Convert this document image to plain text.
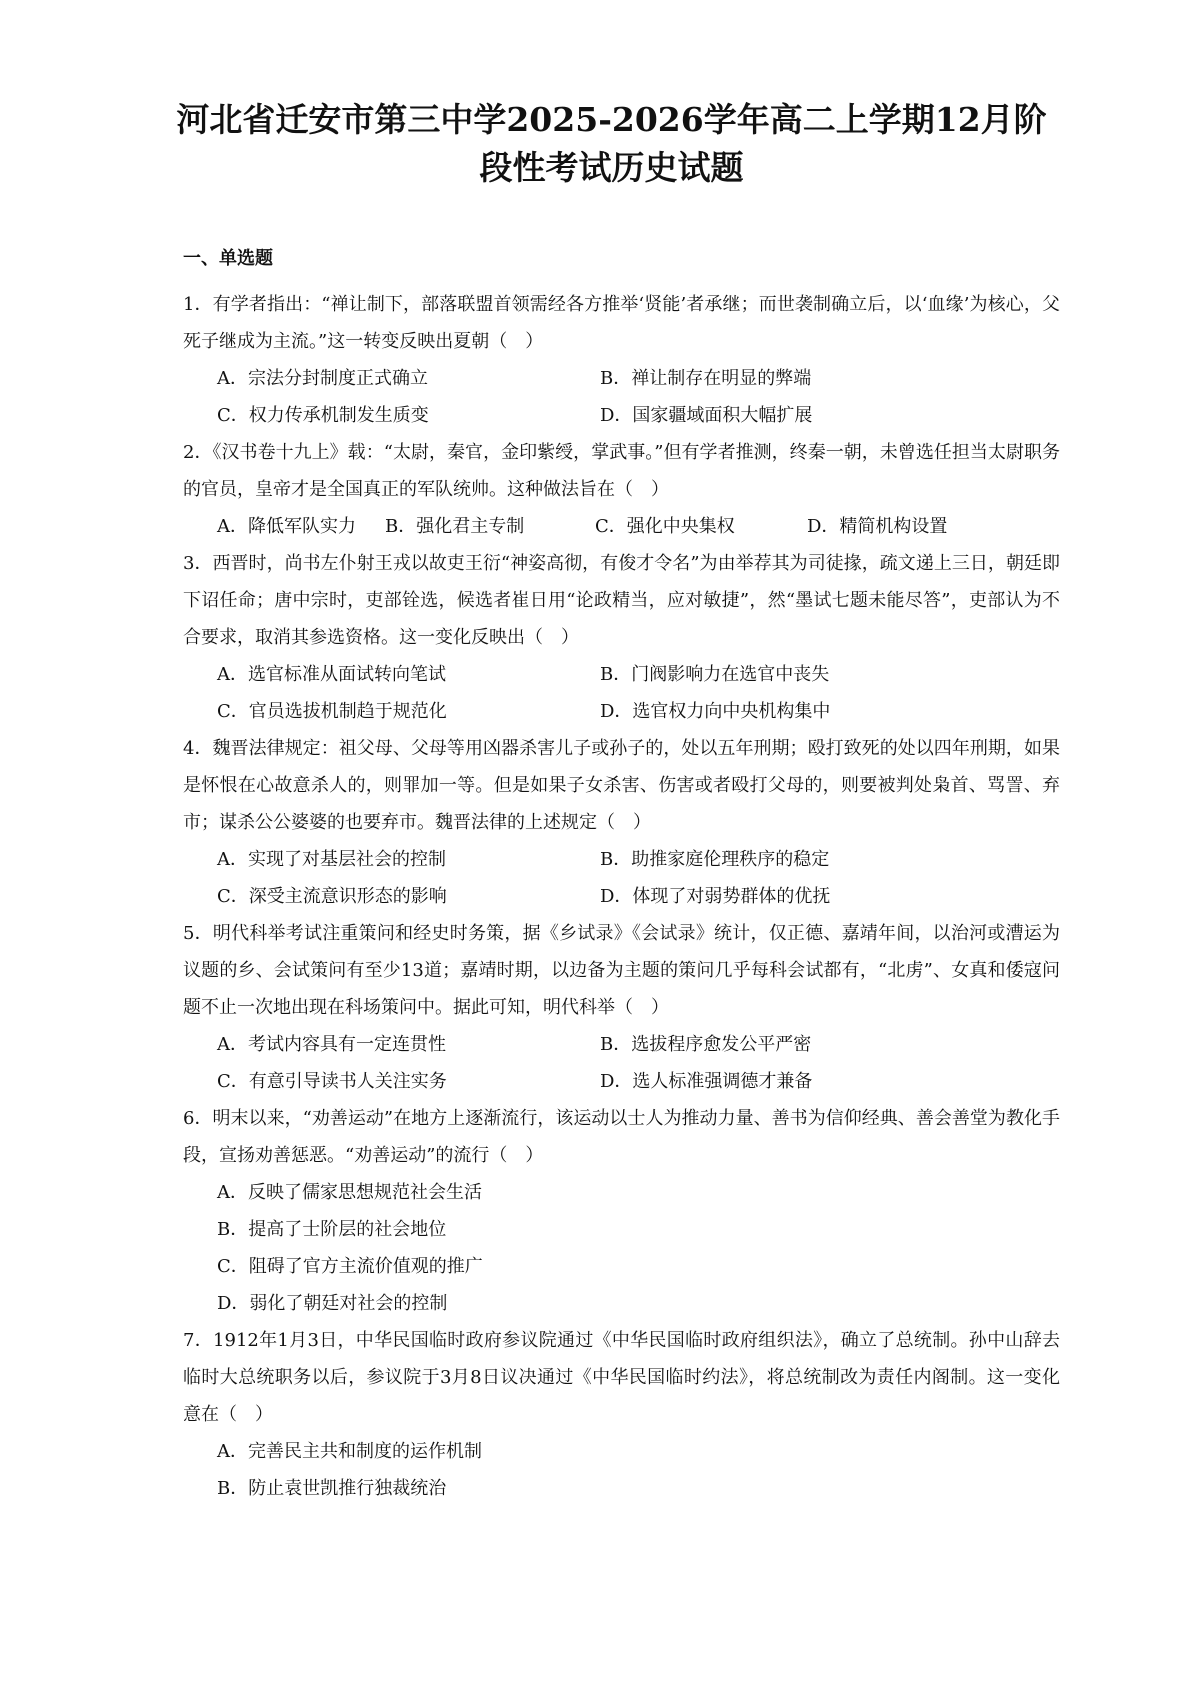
河北省迁安市第三中学2025-2026学年高二上学期12月阶
段性考试历史试题
一、单选题

1．有学者指出：“禅让制下，部落联盟首领需经各方推举‘贤能’者承继；而世袭制确立后，以‘血缘’为核心，父死子继成为主流。”这一转变反映出夏朝（　）

A．宗法分封制度正式确立	B．禅让制存在明显的弊端
C．权力传承机制发生质变	D．国家疆域面积大幅扩展

2．《汉书卷十九上》载：“太尉，秦官，金印紫绶，掌武事。”但有学者推测，终秦一朝，未曾选任担当太尉职务的官员，皇帝才是全国真正的军队统帅。这种做法旨在（　）

A．降低军队实力	B．强化君主专制	C．强化中央集权	D．精简机构设置

3．西晋时，尚书左仆射王戎以故吏王衍“神姿高彻，有俊才令名”为由举荐其为司徒掾，疏文递上三日，朝廷即下诏任命；唐中宗时，吏部铨选，候选者崔日用“论政精当，应对敏捷”，然“墨试七题未能尽答”，吏部认为不合要求，取消其参选资格。这一变化反映出（　）

A．选官标准从面试转向笔试	B．门阀影响力在选官中丧失
C．官员选拔机制趋于规范化	D．选官权力向中央机构集中

4．魏晋法律规定：祖父母、父母等用凶器杀害儿子或孙子的，处以五年刑期；殴打致死的处以四年刑期，如果是怀恨在心故意杀人的，则罪加一等。但是如果子女杀害、伤害或者殴打父母的，则要被判处枭首、骂詈、弃市；谋杀公公婆婆的也要弃市。魏晋法律的上述规定（　）

A．实现了对基层社会的控制	B．助推家庭伦理秩序的稳定
C．深受主流意识形态的影响	D．体现了对弱势群体的优抚

5．明代科举考试注重策问和经史时务策，据《乡试录》《会试录》统计，仅正德、嘉靖年间，以治河或漕运为议题的乡、会试策问有至少13道；嘉靖时期，以边备为主题的策问几乎每科会试都有，“北虏”、女真和倭寇问题不止一次地出现在科场策问中。据此可知，明代科举（　）

A．考试内容具有一定连贯性	B．选拔程序愈发公平严密
C．有意引导读书人关注实务	D．选人标准强调德才兼备

6．明末以来，“劝善运动”在地方上逐渐流行，该运动以士人为推动力量、善书为信仰经典、善会善堂为教化手段，宣扬劝善惩恶。“劝善运动”的流行（　）

A．反映了儒家思想规范社会生活
B．提高了士阶层的社会地位
C．阻碍了官方主流价值观的推广
D．弱化了朝廷对社会的控制

7．1912年1月3日，中华民国临时政府参议院通过《中华民国临时政府组织法》，确立了总统制。孙中山辞去临时大总统职务以后，参议院于3月8日议决通过《中华民国临时约法》，将总统制改为责任内阁制。这一变化意在（　）

A．完善民主共和制度的运作机制
B．防止袁世凯推行独裁统治
